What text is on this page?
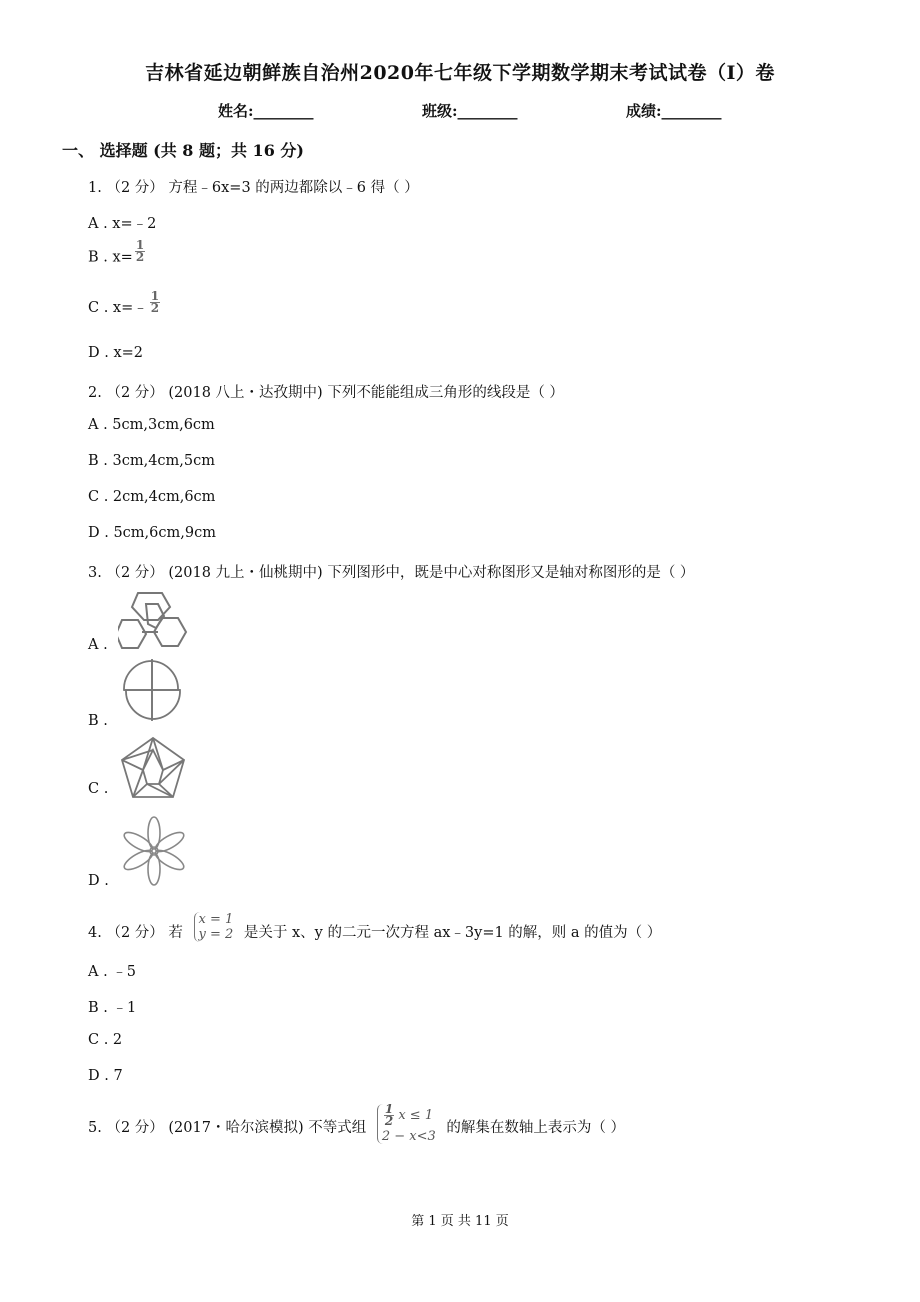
吉林省延边朝鲜族自治州2020年七年级下学期数学期末考试试卷（I）卷
姓名:________	班级:________	成绩:________
一、 选择题 (共 8 题；共 16 分)
1. （2 分） 方程﹣6x=3 的两边都除以﹣6 得（ ）
A . x=﹣2
B . $x= \frac{1}{2}$
C . x=﹣ $\frac{1}{2}$
D . x=2
2. （2 分） (2018 八上・达孜期中) 下列不能能组成三角形的线段是（ ）
A . 5cm,3cm,6cm
B . 3cm,4cm,5cm
C . 2cm,4cm,6cm
D . 5cm,6cm,9cm
3. （2 分） (2018 九上・仙桃期中) 下列图形中，既是中心对称图形又是轴对称图形的是（ ）
A .
B .
C .
D .
4. （2 分） 若
x = 1
y = 2 是关于 x、y 的二元一次方程 ax﹣3y=1 的解，则 a 的值为（ ）
A . ﹣5
B . ﹣1
C . 2
D . 7
5. （2 分） (2017・哈尔滨模拟) 不等式组
$\frac{1}{2}$ x ≤ 1
2 − x<3
的解集在数轴上表示为（ ）
第 1 页 共 11 页
